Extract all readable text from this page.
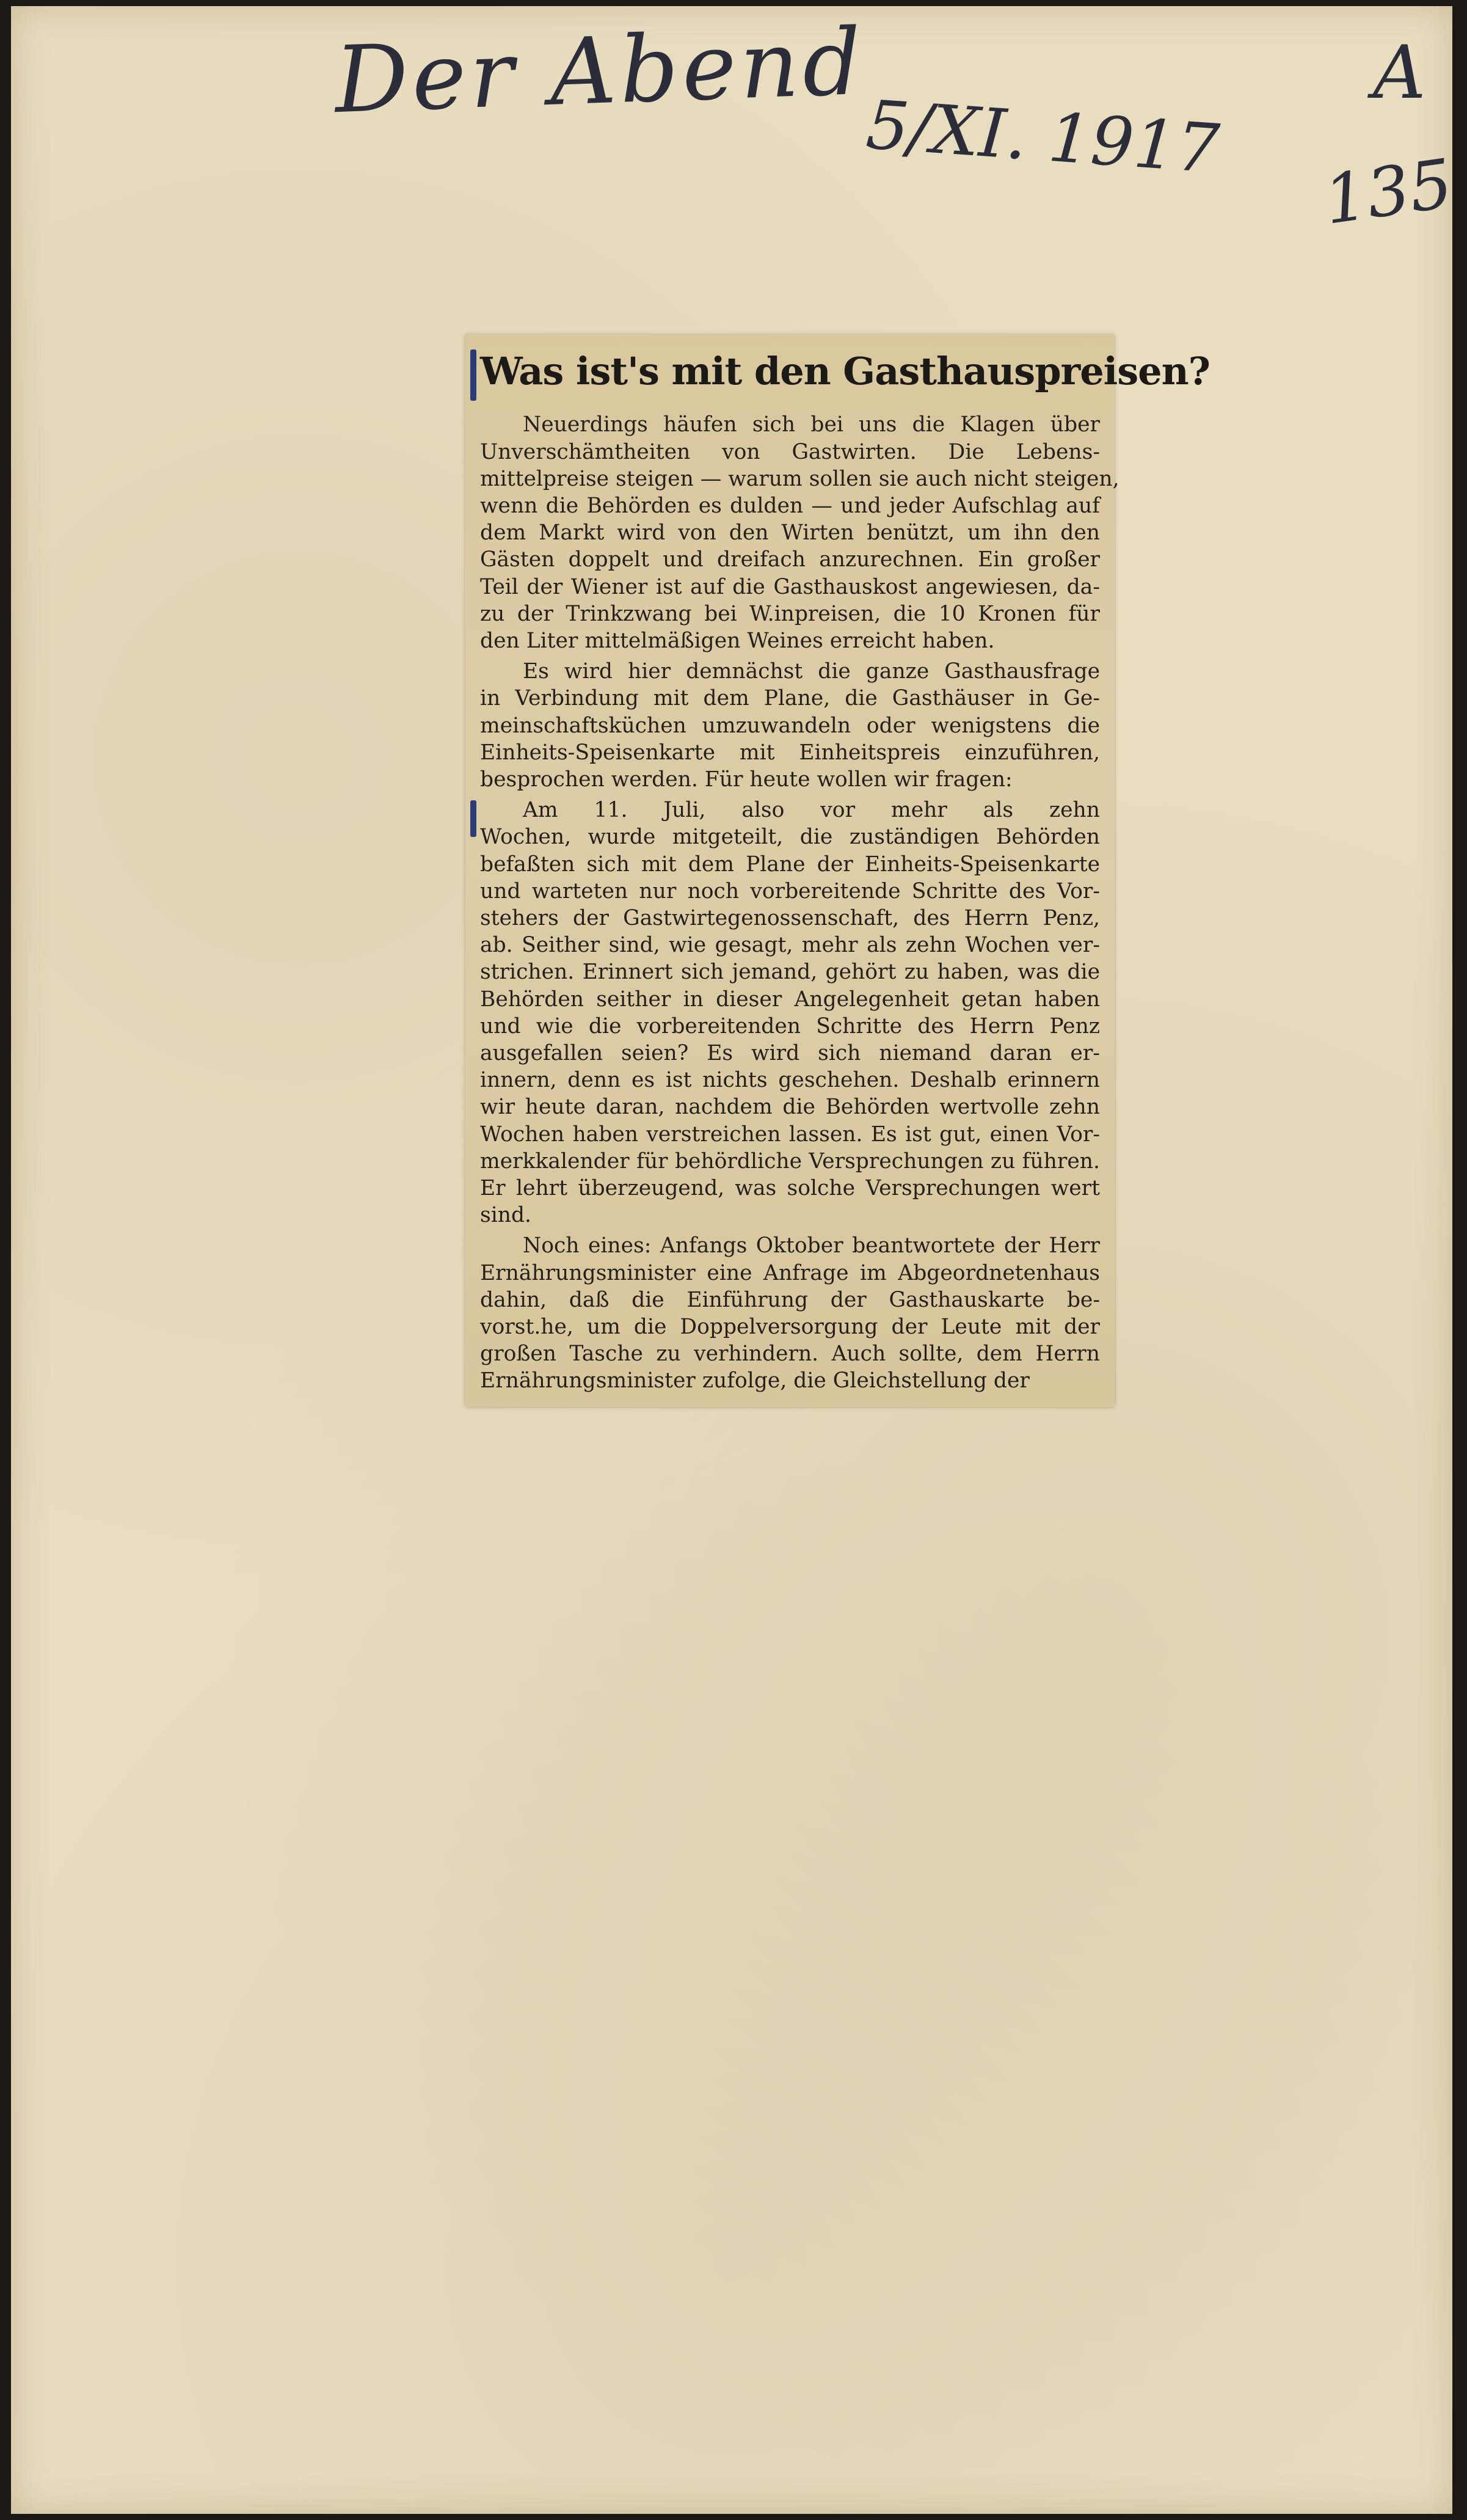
Der Abend
5/XI. 1917
A
135
Was ist's mit den Gasthauspreisen?
Neuerdings häufen sich bei uns die Klagen über
Unverschämtheiten von Gastwirten. Die Lebens-
mittelpreise steigen — warum sollen sie auch nicht steigen,
wenn die Behörden es dulden — und jeder Aufschlag auf
dem Markt wird von den Wirten benützt, um ihn den
Gästen doppelt und dreifach anzurechnen. Ein großer
Teil der Wiener ist auf die Gasthauskost angewiesen, da-
zu der Trinkzwang bei W.inpreisen, die 10 Kronen für
den Liter mittelmäßigen Weines erreicht haben.
Es wird hier demnächst die ganze Gasthausfrage
in Verbindung mit dem Plane, die Gasthäuser in Ge-
meinschaftsküchen umzuwandeln oder wenigstens die
Einheits-Speisenkarte mit Einheitspreis einzuführen,
besprochen werden. Für heute wollen wir fragen:
Am 11. Juli, also vor mehr als zehn
Wochen, wurde mitgeteilt, die zuständigen Behörden
befaßten sich mit dem Plane der Einheits-Speisenkarte
und warteten nur noch vorbereitende Schritte des Vor-
stehers der Gastwirtegenossenschaft, des Herrn Penz,
ab. Seither sind, wie gesagt, mehr als zehn Wochen ver-
strichen. Erinnert sich jemand, gehört zu haben, was die
Behörden seither in dieser Angelegenheit getan haben
und wie die vorbereitenden Schritte des Herrn Penz
ausgefallen seien? Es wird sich niemand daran er-
innern, denn es ist nichts geschehen. Deshalb erinnern
wir heute daran, nachdem die Behörden wertvolle zehn
Wochen haben verstreichen lassen. Es ist gut, einen Vor-
merkkalender für behördliche Versprechungen zu führen.
Er lehrt überzeugend, was solche Versprechungen wert
sind.
Noch eines: Anfangs Oktober beantwortete der Herr
Ernährungsminister eine Anfrage im Abgeordnetenhaus
dahin, daß die Einführung der Gasthauskarte be-
vorst.he, um die Doppelversorgung der Leute mit der
großen Tasche zu verhindern. Auch sollte, dem Herrn
Ernährungsminister zufolge, die Gleichstellung der
